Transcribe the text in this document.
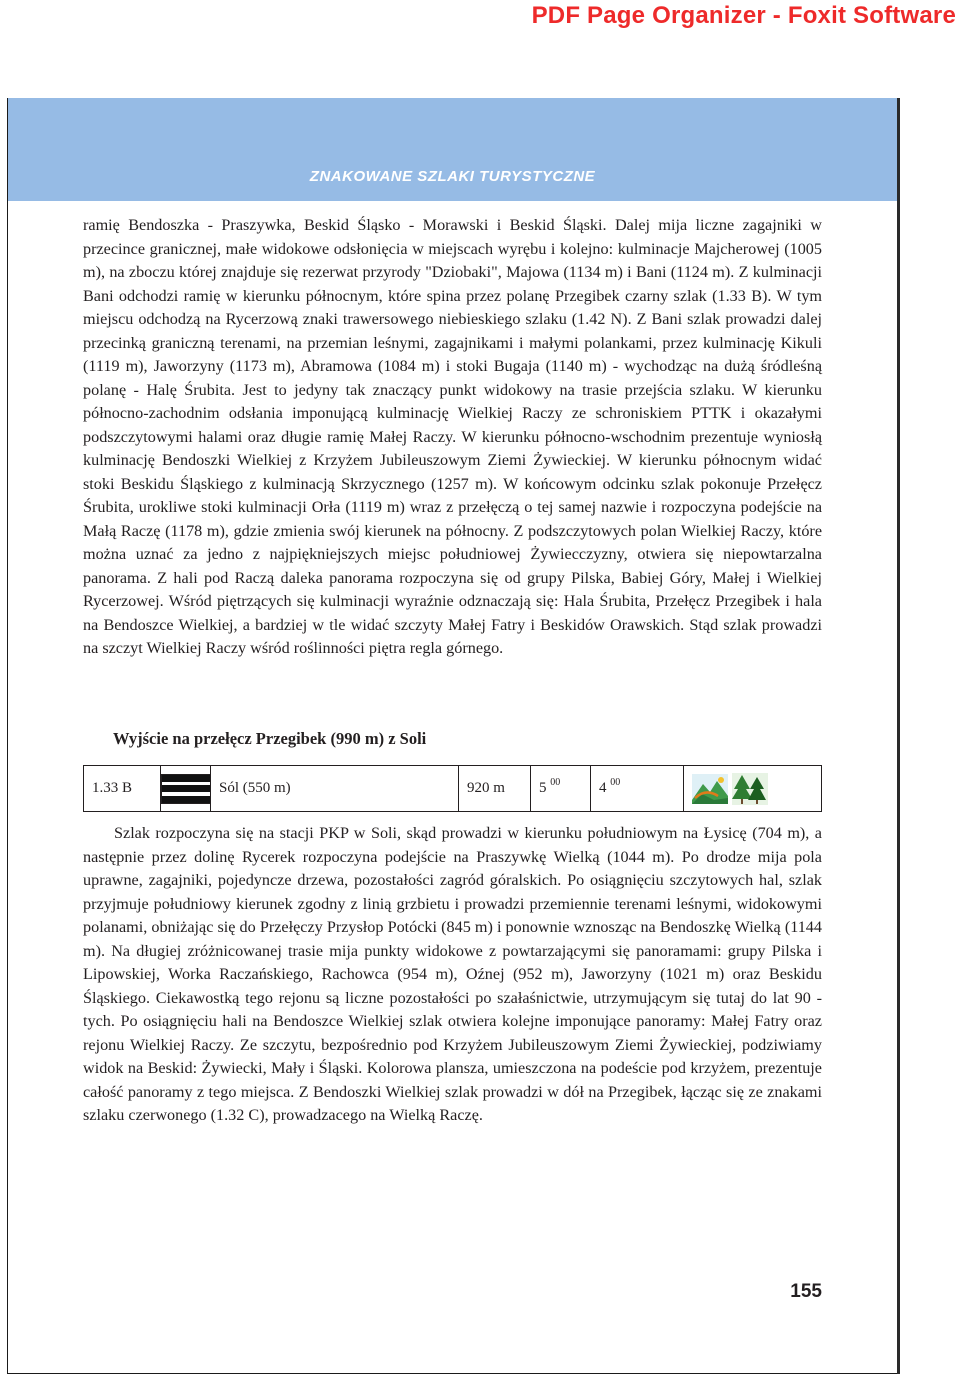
PDF Page Organizer - Foxit Software
ZNAKOWANE SZLAKI TURYSTYCZNE

ramię Bendoszka - Praszywka, Beskid Śląsko - Morawski i Beskid Śląski. Dalej mija liczne zagajniki w przecince granicznej, małe widokowe odsłonięcia w miejscach wyrębu i kolejno: kulminacje Majcherowej (1005 m), na zboczu której znajduje się rezerwat przyrody "Dziobaki", Majowa (1134 m) i Bani (1124 m). Z kulminacji Bani odchodzi ramię w kierunku północnym, które spina przez polanę Przegibek czarny szlak (1.33 B). W tym miejscu odchodzą na Rycerzową znaki trawersowego niebieskiego szlaku (1.42 N). Z Bani szlak prowadzi dalej przecinką graniczną terenami, na przemian leśnymi, zagajnikami i małymi polankami, przez kulminację Kikuli (1119 m), Jaworzyny (1173 m), Abramowa (1084 m) i stoki Bugaja (1140 m) - wychodząc na dużą śródleśną polanę - Halę Śrubita. Jest to jedyny tak znaczący punkt widokowy na trasie przejścia szlaku. W kierunku północno-zachodnim odsłania imponującą kulminację Wielkiej Raczy ze schroniskiem PTTK i okazałymi podszczytowymi halami oraz długie ramię Małej Raczy. W kierunku północno-wschodnim prezentuje wyniosłą kulminację Bendoszki Wielkiej z Krzyżem Jubileuszowym Ziemi Żywieckiej. W kierunku północnym widać stoki Beskidu Śląskiego z kulminacją Skrzycznego (1257 m). W końcowym odcinku szlak pokonuje Przełęcz Śrubita, urokliwe stoki kulminacji Orła (1119 m) wraz z przełęczą o tej samej nazwie i rozpoczyna podejście na Małą Raczę (1178 m), gdzie zmienia swój kierunek na północny. Z podszczytowych polan Wielkiej Raczy, które można uznać za jedno z najpiękniejszych miejsc południowej Żywiecczyzny, otwiera się niepowtarzalna panorama. Z hali pod Raczą daleka panorama rozpoczyna się od grupy Pilska, Babiej Góry, Małej i Wielkiej Rycerzowej. Wśród piętrzących się kulminacji wyraźnie odznaczają się: Hala Śrubita, Przełęcz Przegibek i hala na Bendoszce Wielkiej, a bardziej w tle widać szczyty Małej Fatry i Beskidów Orawskich. Stąd szlak prowadzi na szczyt Wielkiej Raczy wśród roślinności piętra regla górnego.

Wyjście na przełęcz Przegibek (990 m) z Soli
1.33 B		Sól (550 m)	920 m	5 $^{00}$	4 $^{00}$	

Szlak rozpoczyna się na stacji PKP w Soli, skąd prowadzi w kierunku południowym na Łysicę (704 m), a następnie przez dolinę Rycerek rozpoczyna podejście na Praszywkę Wielką (1044 m). Po drodze mija pola uprawne, zagajniki, pojedyncze drzewa, pozostałości zagród góralskich. Po osiągnięciu szczytowych hal, szlak przyjmuje południowy kierunek zgodny z linią grzbietu i prowadzi przemiennie terenami leśnymi, widokowymi polanami, obniżając się do Przełęczy Przysłop Potócki (845 m) i ponownie wznosząc na Bendoszkę Wielką (1144 m). Na długiej zróżnicowanej trasie mija punkty widokowe z powtarzającymi się panoramami: grupy Pilska i Lipowskiej, Worka Raczańskiego, Rachowca (954 m), Oźnej (952 m), Jaworzyny (1021 m) oraz Beskidu Śląskiego. Ciekawostką tego rejonu są liczne pozostałości po szałaśnictwie, utrzymującym się tutaj do lat 90 - tych. Po osiągnięciu hali na Bendoszce Wielkiej szlak otwiera kolejne imponujące panoramy: Małej Fatry oraz rejonu Wielkiej Raczy. Ze szczytu, bezpośrednio pod Krzyżem Jubileuszowym Ziemi Żywieckiej, podziwiamy widok na Beskid: Żywiecki, Mały i Śląski. Kolorowa plansza, umieszczona na podeście pod krzyżem, prezentuje całość panoramy z tego miejsca. Z Bendoszki Wielkiej szlak prowadzi w dół na Przegibek, łącząc się ze znakami szlaku czerwonego (1.32 C), prowadzacego na Wielką Raczę.

155
